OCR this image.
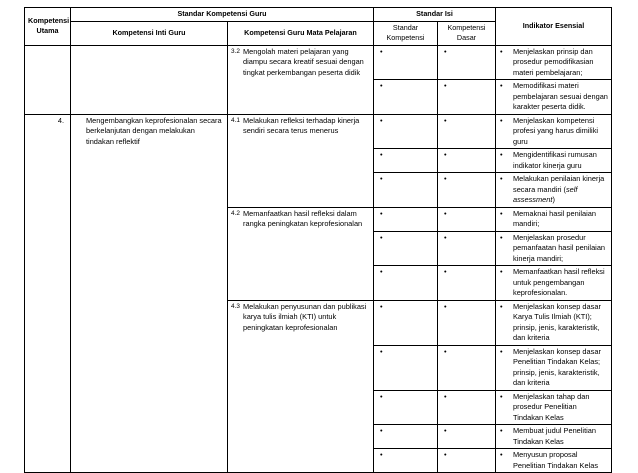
Kompetensi Utama	Standar Kompetensi Guru		Standar Isi		Indikator Esensial
	Kompetensi Inti Guru	Kompetensi Guru Mata Pelajaran	Standar Kompetensi	Kompetensi Dasar	

		3.2 Mengolah materi pelajaran yang diampu secara kreatif sesuai dengan tingkat perkembangan peserta didik	•	•	• Menjelaskan prinsip dan prosedur pemodifikasian materi pembelajaran;

			•	•	• Memodifikasi materi pembelajaran sesuai dengan karakter peserta didik.

4.	Mengembangkan keprofesionalan secara berkelanjutan dengan melakukan tindakan reflektif	4.1 Melakukan refleksi terhadap kinerja sendiri secara terus menerus	•	•	• Menjelaskan kompetensi profesi yang harus dimiliki guru

			•	•	• Mengidentifikasi rumusan indikator kinerja guru

			•	•	• Melakukan penilaian kinerja secara mandiri (self assessment)

		4.2 Memanfaatkan hasil refleksi dalam rangka peningkatan keprofesionalan	•	•	• Memaknai hasil penilaian mandiri;

			•	•	• Menjelaskan prosedur pemanfaatan hasil penilaian kinerja mandiri;

			•	•	• Memanfaatkan hasil refleksi untuk pengembangan keprofesionalan.

		4.3 Melakukan penyusunan dan publikasi karya tulis ilmiah (KTI) untuk peningkatan keprofesionalan	•	•	• Menjelaskan konsep dasar Karya Tulis Ilmiah (KTI); prinsip, jenis, karakteristik, dan kriteria

			•	•	• Menjelaskan konsep dasar Penelitian Tindakan Kelas; prinsip, jenis, karakteristik, dan kriteria

			•	•	• Menjelaskan tahap dan prosedur Penelitian Tindakan Kelas

			•	•	• Membuat judul Penelitian Tindakan Kelas

			•	•	• Menyusun proposal Penelitian Tindakan Kelas
